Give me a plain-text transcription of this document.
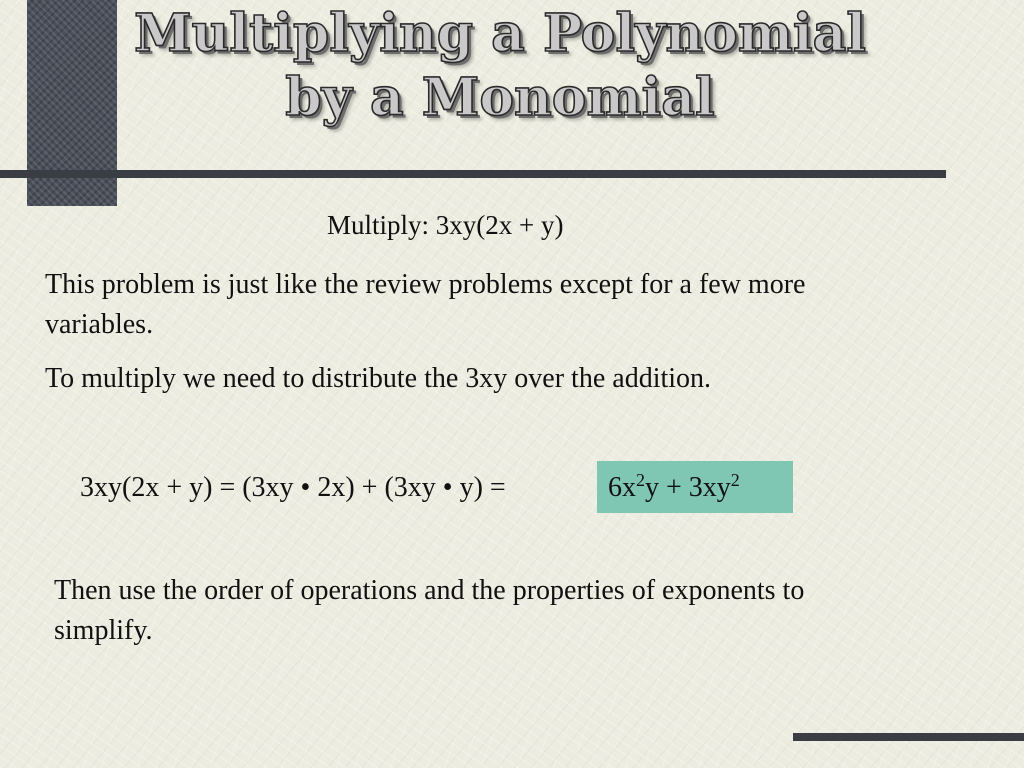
Multiplying a Polynomial
by a Monomial
Multiply: 3xy(2x + y)
This problem is just like the review problems except for a few more variables.
To multiply we need to distribute the 3xy over the addition.
3xy(2x + y) = (3xy • 2x) + (3xy • y) =	$6x^2y + 3xy^2$
Then use the order of operations and the properties of exponents to simplify.
